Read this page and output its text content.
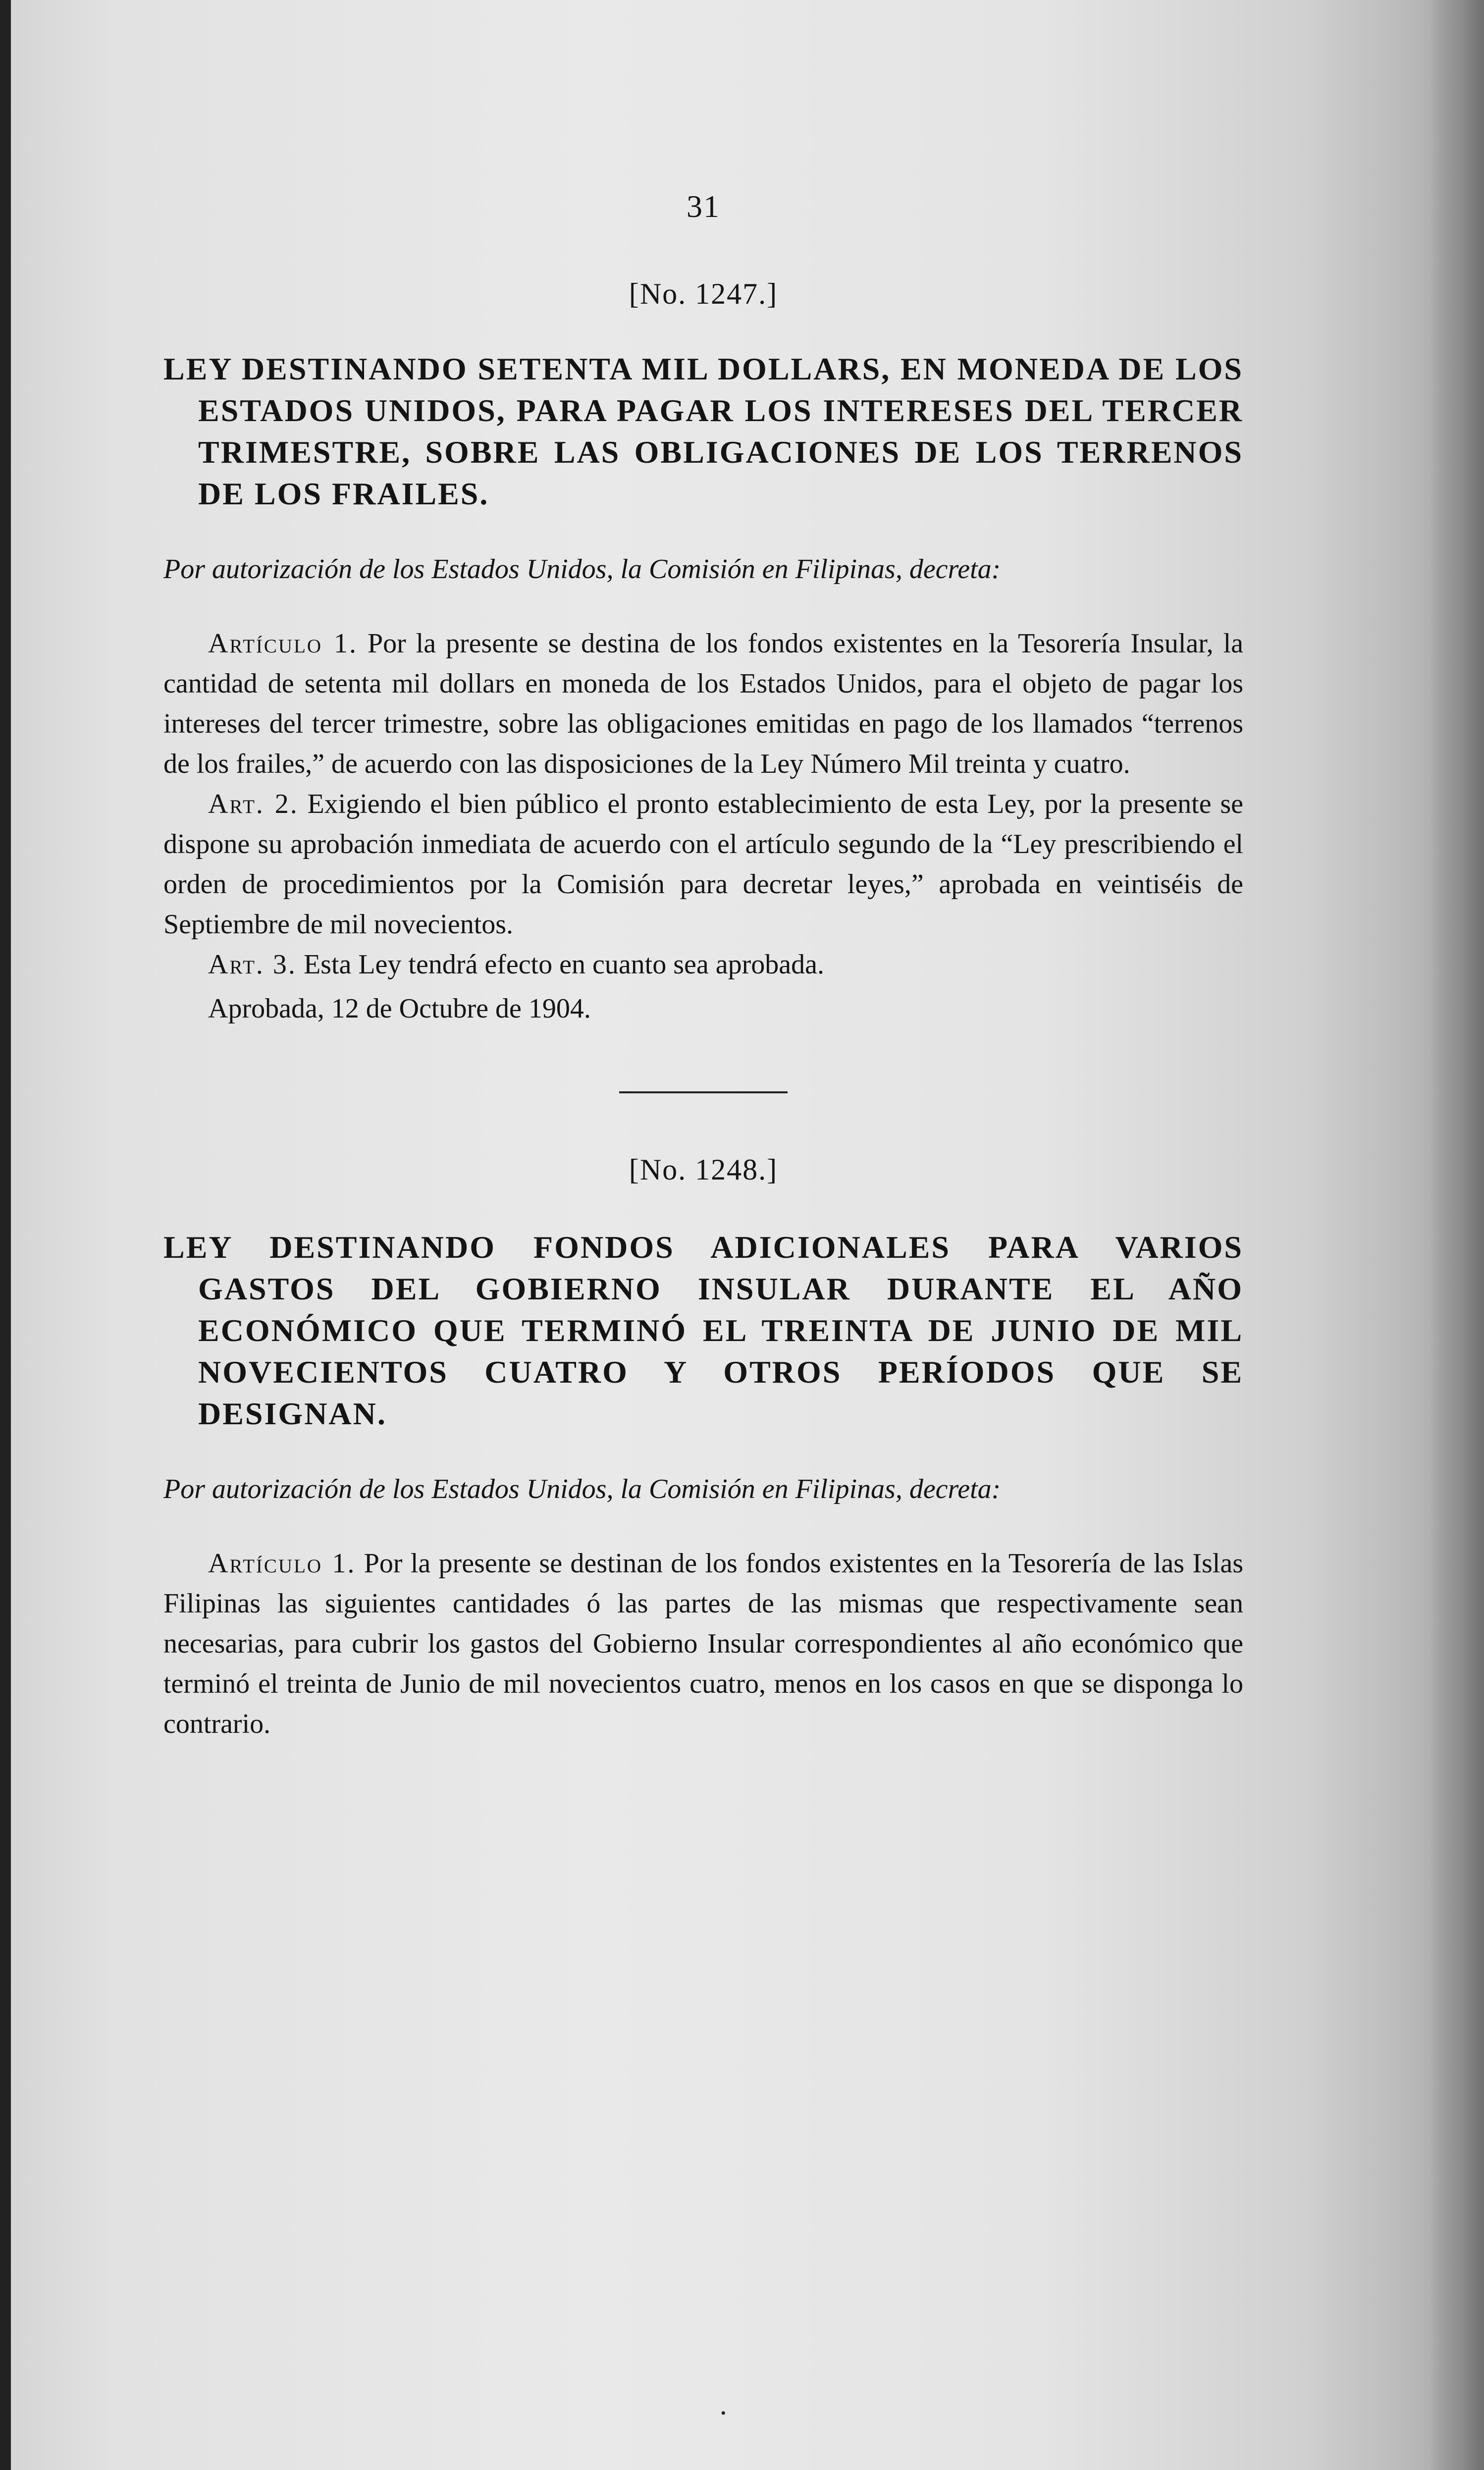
31
[No. 1247.]
LEY DESTINANDO SETENTA MIL DOLLARS, EN MONEDA DE LOS ESTADOS UNIDOS, PARA PAGAR LOS INTERESES DEL TERCER TRIMESTRE, SOBRE LAS OBLIGACIONES DE LOS TERRENOS DE LOS FRAILES.

Por autorización de los Estados Unidos, la Comisión en Filipinas, decreta:

Artículo 1. Por la presente se destina de los fondos existentes en la Tesorería Insular, la cantidad de setenta mil dollars en moneda de los Estados Unidos, para el objeto de pagar los intereses del tercer trimestre, sobre las obligaciones emitidas en pago de los llamados “terrenos de los frailes,” de acuerdo con las disposiciones de la Ley Número Mil treinta y cuatro.

Art. 2. Exigiendo el bien público el pronto establecimiento de esta Ley, por la presente se dispone su aprobación inmediata de acuerdo con el artículo segundo de la “Ley prescribiendo el orden de procedimientos por la Comisión para decretar leyes,” aprobada en veintiséis de Septiembre de mil novecientos.

Art. 3. Esta Ley tendrá efecto en cuanto sea aprobada.

Aprobada, 12 de Octubre de 1904.

[No. 1248.]
LEY DESTINANDO FONDOS ADICIONALES PARA VARIOS GASTOS DEL GOBIERNO INSULAR DURANTE EL AÑO ECONÓMICO QUE TERMINÓ EL TREINTA DE JUNIO DE MIL NOVECIENTOS CUATRO Y OTROS PERÍODOS QUE SE DESIGNAN.

Por autorización de los Estados Unidos, la Comisión en Filipinas, decreta:

Artículo 1. Por la presente se destinan de los fondos existentes en la Tesorería de las Islas Filipinas las siguientes cantidades ó las partes de las mismas que respectivamente sean necesarias, para cubrir los gastos del Gobierno Insular correspondientes al año económico que terminó el treinta de Junio de mil novecientos cuatro, menos en los casos en que se disponga lo contrario.

•
